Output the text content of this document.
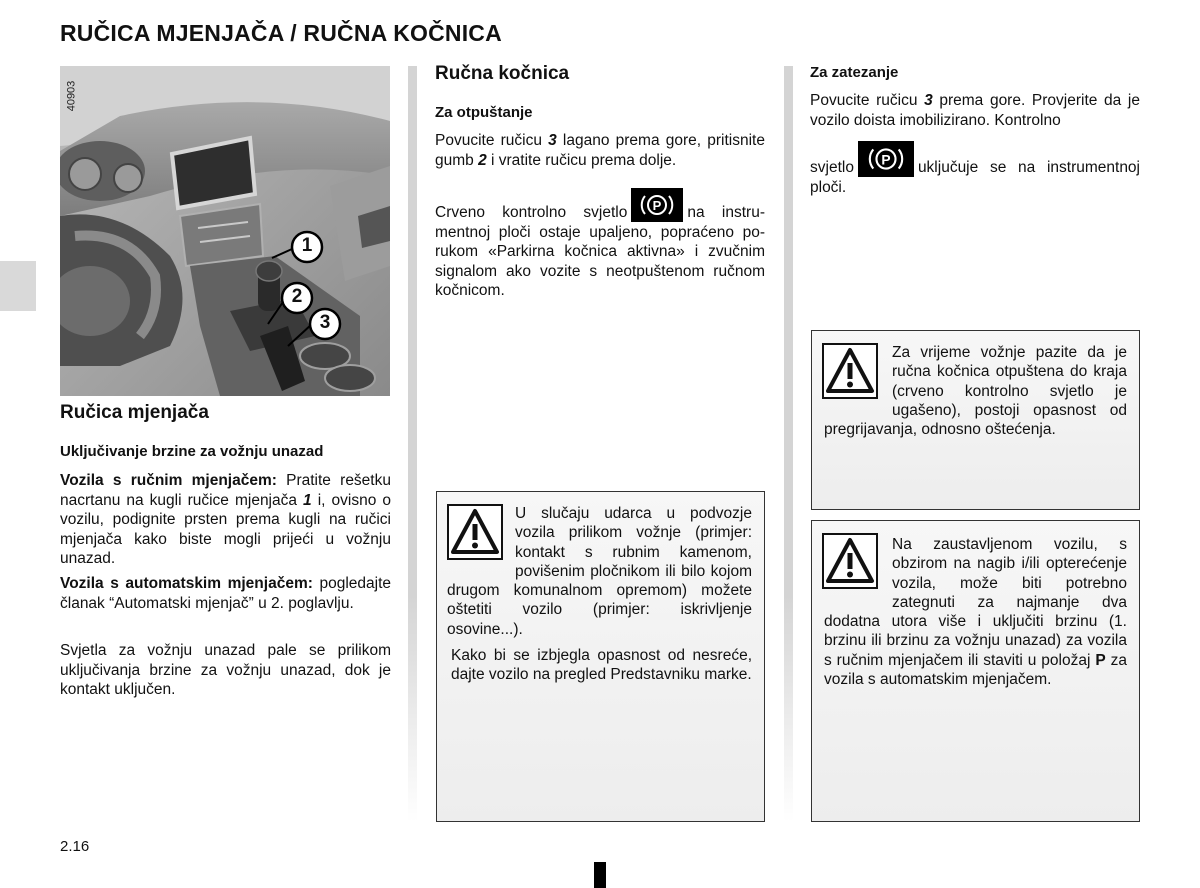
RUČICA MJENJAČA / RUČNA KOČNICA
40903
1
2
3
Ručica mjenjača
Uključivanje brzine za vožnju unazad
Vozila s ručnim mjenjačem: Pratite rešetku nacrtanu na kugli ručice mjenjača 1 i, ovisno o vozilu, podignite prsten prema kugli na ručici mjenjača kako biste mogli prijeći u vožnju unazad.
Vozila s automatskim mjenjačem: pogledajte članak “Automatski mjenjač” u 2. poglavlju.
Svjetla za vožnju unazad pale se prilikom uključivanja brzine za vožnju unazad, dok je kontakt uključen.
Ručna kočnica
Za otpuštanje
Povucite ručicu 3 lagano prema gore, pritisnite gumb 2 i vratite ručicu prema dolje.
Crveno kontrolno svjetlo P na instrumentnoj ploči ostaje upaljeno, popraćeno porukom «Parkirna kočnica aktivna» i zvučnim signalom ako vozite s neotpuštenom ručnom kočnicom.
U slučaju udarca u podvozje vozila prilikom vožnje (primjer: kontakt s rubnim kamenom, povišenim pločnikom ili bilo kojom drugom komunalnom opremom) možete oštetiti vozilo (primjer: iskrivljenje osovine...).
Kako bi se izbjegla opasnost od nesreće, dajte vozilo na pregled Predstavniku marke.
Za zatezanje
Povucite ručicu 3 prema gore. Provjerite da je vozilo doista imobilizirano. Kontrolno
svjetlo P uključuje se na instrumentnoj ploči.
Za vrijeme vožnje pazite da je ručna kočnica otpuštena do kraja (crveno kontrolno svjetlo je ugašeno), postoji opasnost od pregrijavanja, odnosno oštećenja.
Na zaustavljenom vozilu, s obzirom na nagib i/ili opterećenje vozila, može biti potrebno zategnuti za najmanje dva dodatna utora više i uključiti brzinu (1. brzinu ili brzinu za vožnju unazad) za vozila s ručnim mjenjačem ili staviti u položaj P za vozila s automatskim mjenjačem.
2.16
